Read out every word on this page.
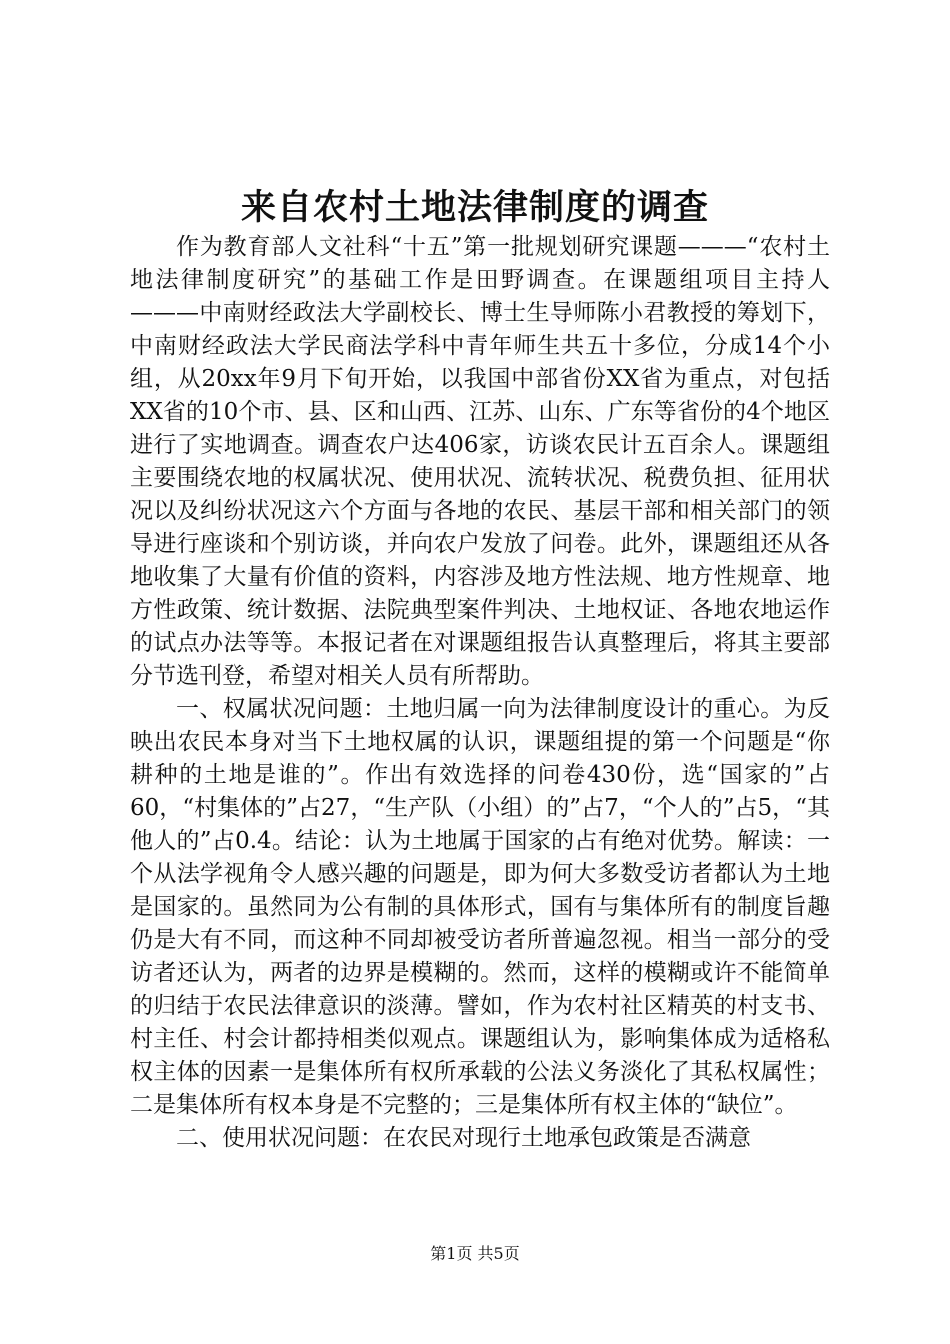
来自农村土地法律制度的调查

作为教育部人文社科“十五”第一批规划研究课题———“农村土地法律制度研究”的基础工作是田野调查。在课题组项目主持人———中南财经政法大学副校长、博士生导师陈小君教授的筹划下，中南财经政法大学民商法学科中青年师生共五十多位，分成14个小组，从20xx年9月下旬开始，以我国中部省份XX省为重点，对包括XX省的10个市、县、区和山西、江苏、山东、广东等省份的4个地区进行了实地调查。调查农户达406家，访谈农民计五百余人。课题组主要围绕农地的权属状况、使用状况、流转状况、税费负担、征用状况以及纠纷状况这六个方面与各地的农民、基层干部和相关部门的领导进行座谈和个别访谈，并向农户发放了问卷。此外，课题组还从各地收集了大量有价值的资料，内容涉及地方性法规、地方性规章、地方性政策、统计数据、法院典型案件判决、土地权证、各地农地运作的试点办法等等。本报记者在对课题组报告认真整理后，将其主要部分节选刊登，希望对相关人员有所帮助。

一、权属状况问题：土地归属一向为法律制度设计的重心。为反映出农民本身对当下土地权属的认识，课题组提的第一个问题是“你耕种的土地是谁的”。作出有效选择的问卷430份，选“国家的”占60，“村集体的”占27，“生产队（小组）的”占7，“个人的”占5，“其他人的”占0.4。结论：认为土地属于国家的占有绝对优势。解读：一个从法学视角令人感兴趣的问题是，即为何大多数受访者都认为土地是国家的。虽然同为公有制的具体形式，国有与集体所有的制度旨趣仍是大有不同，而这种不同却被受访者所普遍忽视。相当一部分的受访者还认为，两者的边界是模糊的。然而，这样的模糊或许不能简单的归结于农民法律意识的淡薄。譬如，作为农村社区精英的村支书、村主任、村会计都持相类似观点。课题组认为，影响集体成为适格私权主体的因素一是集体所有权所承载的公法义务淡化了其私权属性；二是集体所有权本身是不完整的；三是集体所有权主体的“缺位”。

二、使用状况问题：在农民对现行土地承包政策是否满意

第1页 共5页
